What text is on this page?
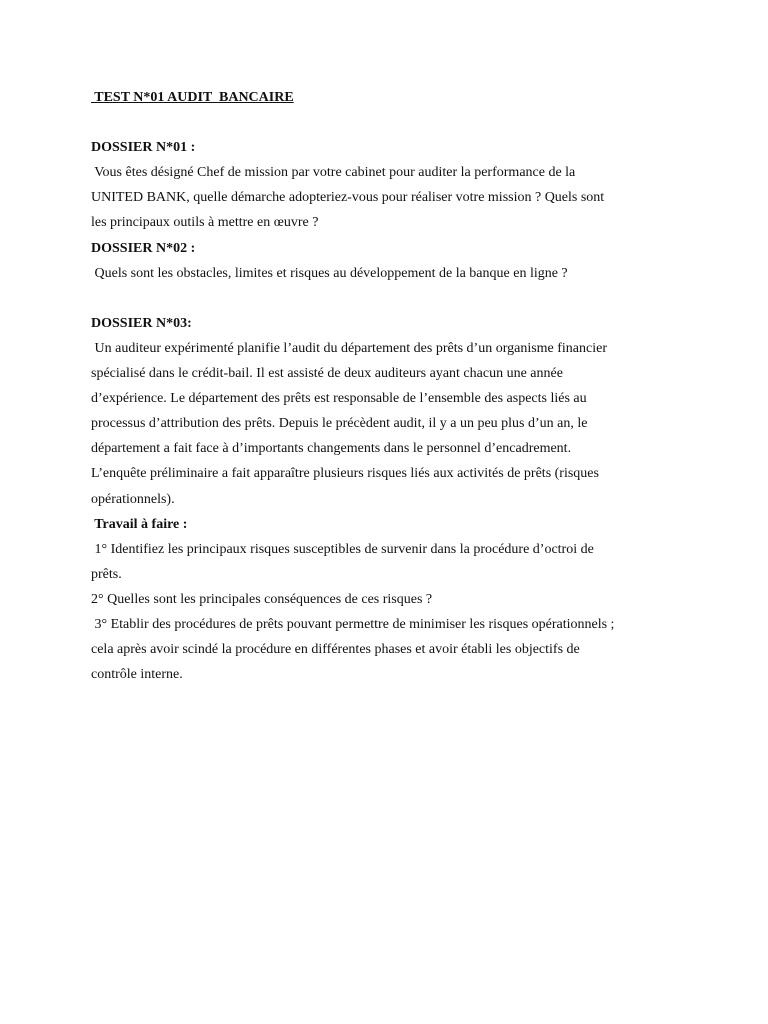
TEST N*01 AUDIT  BANCAIRE
DOSSIER N*01 :
Vous êtes désigné Chef de mission par votre cabinet pour auditer la performance de la
UNITED BANK, quelle démarche adopteriez-vous pour réaliser votre mission ? Quels sont
les principaux outils à mettre en œuvre ?
DOSSIER N*02 :
Quels sont les obstacles, limites et risques au développement de la banque en ligne ?
DOSSIER N*03:
Un auditeur expérimenté planifie l’audit du département des prêts d’un organisme financier
spécialisé dans le crédit-bail. Il est assisté de deux auditeurs ayant chacun une année
d’expérience. Le département des prêts est responsable de l’ensemble des aspects liés au
processus d’attribution des prêts. Depuis le précèdent audit, il y a un peu plus d’un an, le
département a fait face à d’importants changements dans le personnel d’encadrement.
L’enquête préliminaire a fait apparaître plusieurs risques liés aux activités de prêts (risques
opérationnels).
Travail à faire :
1° Identifiez les principaux risques susceptibles de survenir dans la procédure d’octroi de
prêts.
2° Quelles sont les principales conséquences de ces risques ?
3° Etablir des procédures de prêts pouvant permettre de minimiser les risques opérationnels ;
cela après avoir scindé la procédure en différentes phases et avoir établi les objectifs de
contrôle interne.
